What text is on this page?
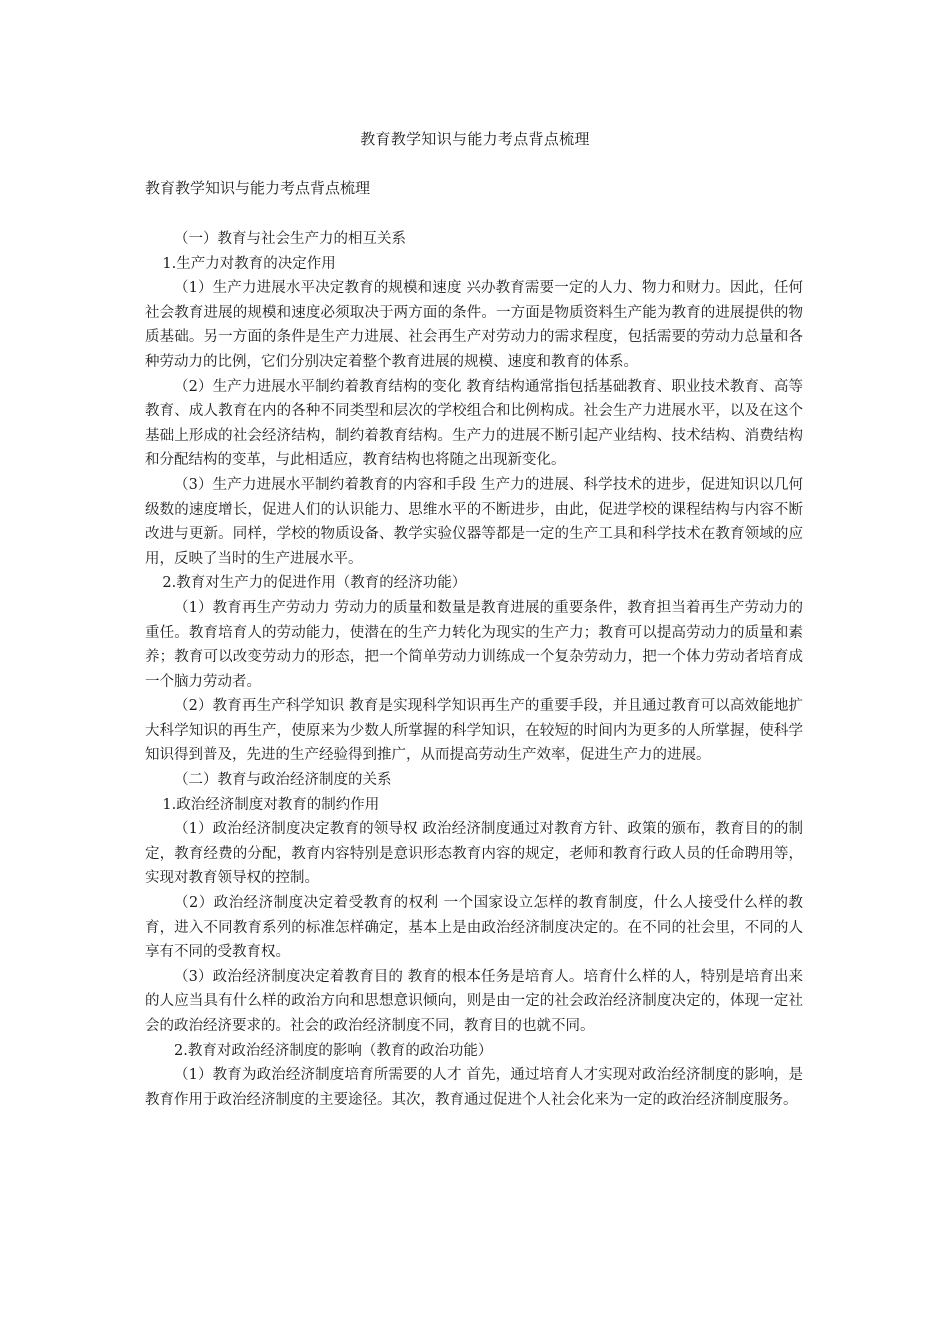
教育教学知识与能力考点背点梳理
教育教学知识与能力考点背点梳理

（一）教育与社会生产力的相互关系

1.生产力对教育的决定作用

（1）生产力进展水平决定教育的规模和速度 兴办教育需要一定的人力、物力和财力。因此，任何社会教育进展的规模和速度必须取决于两方面的条件。一方面是物质资料生产能为教育的进展提供的物质基础。另一方面的条件是生产力进展、社会再生产对劳动力的需求程度，包括需要的劳动力总量和各种劳动力的比例，它们分别决定着整个教育进展的规模、速度和教育的体系。

（2）生产力进展水平制约着教育结构的变化 教育结构通常指包括基础教育、职业技术教育、高等教育、成人教育在内的各种不同类型和层次的学校组合和比例构成。社会生产力进展水平，以及在这个基础上形成的社会经济结构，制约着教育结构。生产力的进展不断引起产业结构、技术结构、消费结构和分配结构的变革，与此相适应，教育结构也将随之出现新变化。

（3）生产力进展水平制约着教育的内容和手段 生产力的进展、科学技术的进步，促进知识以几何级数的速度增长，促进人们的认识能力、思维水平的不断进步，由此，促进学校的课程结构与内容不断改进与更新。同样，学校的物质设备、教学实验仪器等都是一定的生产工具和科学技术在教育领域的应用，反映了当时的生产进展水平。

2.教育对生产力的促进作用（教育的经济功能）

（1）教育再生产劳动力 劳动力的质量和数量是教育进展的重要条件，教育担当着再生产劳动力的重任。教育培育人的劳动能力，使潜在的生产力转化为现实的生产力；教育可以提高劳动力的质量和素养；教育可以改变劳动力的形态，把一个简单劳动力训练成一个复杂劳动力，把一个体力劳动者培育成一个脑力劳动者。

（2）教育再生产科学知识 教育是实现科学知识再生产的重要手段，并且通过教育可以高效能地扩大科学知识的再生产，使原来为少数人所掌握的科学知识，在较短的时间内为更多的人所掌握，使科学知识得到普及，先进的生产经验得到推广，从而提高劳动生产效率，促进生产力的进展。

（二）教育与政治经济制度的关系

1.政治经济制度对教育的制约作用

（1）政治经济制度决定教育的领导权 政治经济制度通过对教育方针、政策的颁布，教育目的的制定，教育经费的分配，教育内容特别是意识形态教育内容的规定，老师和教育行政人员的任命聘用等，实现对教育领导权的控制。

（2）政治经济制度决定着受教育的权利 一个国家设立怎样的教育制度，什么人接受什么样的教育，进入不同教育系列的标准怎样确定，基本上是由政治经济制度决定的。在不同的社会里，不同的人享有不同的受教育权。

（3）政治经济制度决定着教育目的 教育的根本任务是培育人。培育什么样的人，特别是培育出来的人应当具有什么样的政治方向和思想意识倾向，则是由一定的社会政治经济制度决定的，体现一定社会的政治经济要求的。社会的政治经济制度不同，教育目的也就不同。

2.教育对政治经济制度的影响（教育的政治功能）

（1）教育为政治经济制度培育所需要的人才 首先，通过培育人才实现对政治经济制度的影响，是教育作用于政治经济制度的主要途径。其次，教育通过促进个人社会化来为一定的政治经济制度服务。
